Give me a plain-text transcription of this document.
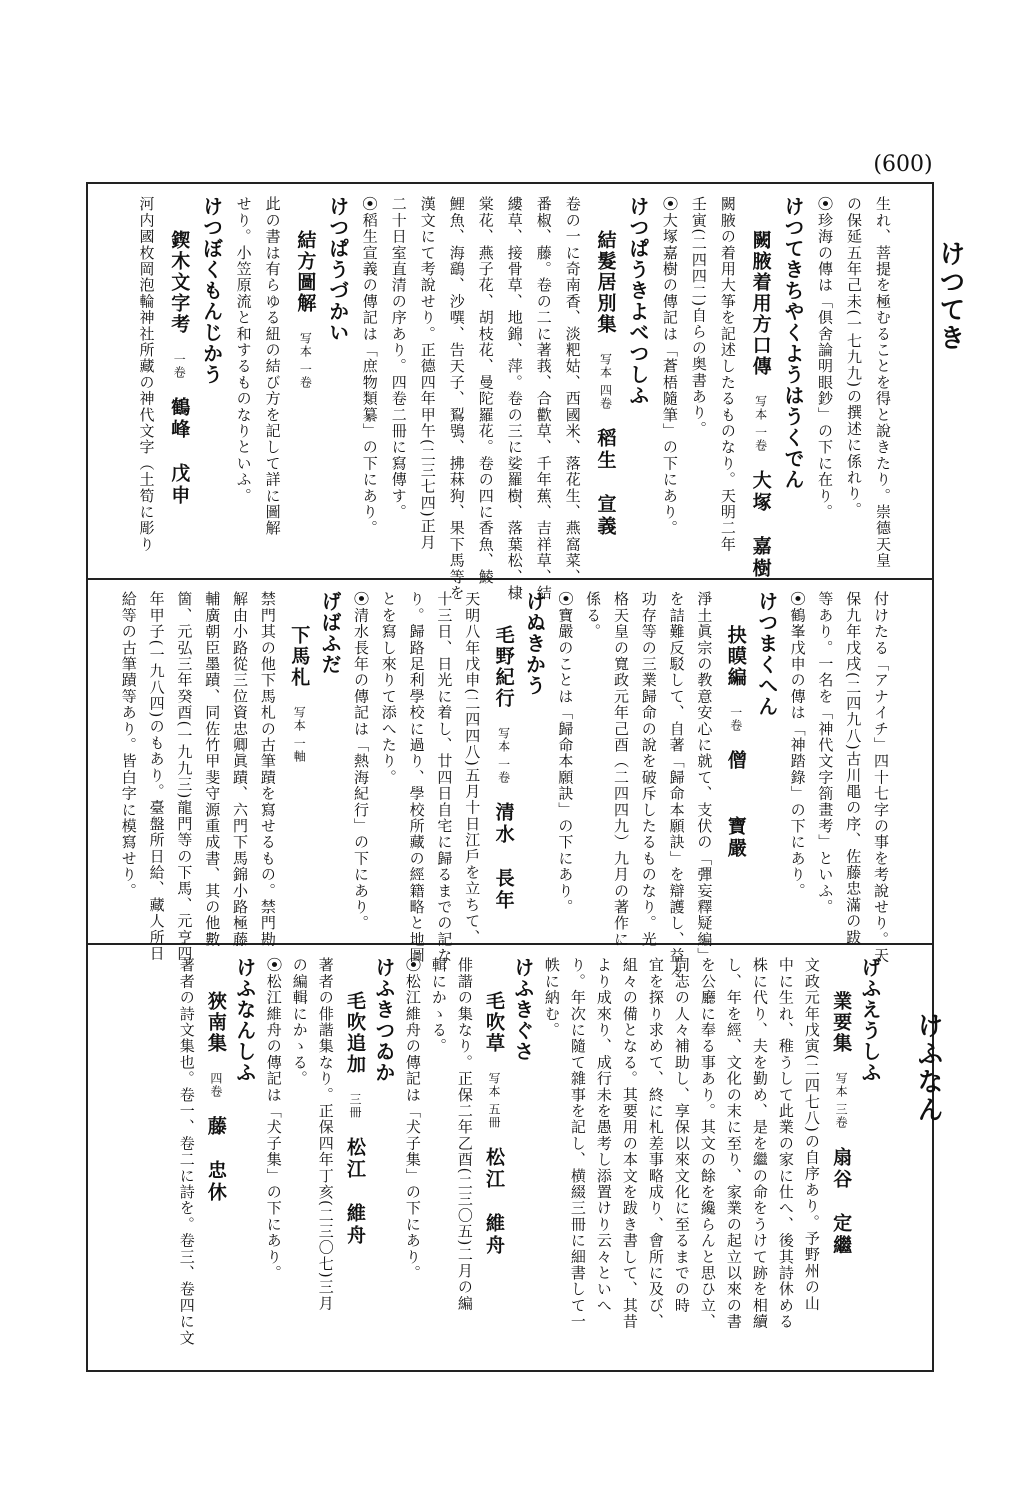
(600)
けつてき
けふなん
生れ、菩提を極むることを得と說きたり。崇德天皇
の保延五年己未(一七九九)の撰述に係れり。
⦿珍海の傳は「俱舍論明眼鈔」の下に在り。
けつてきちやくようはうくでん
闕腋着用方口傳写本 一卷大塚　嘉樹
闕腋の着用大筝を記述したるものなり。天明二年
壬寅(二四四二)自らの奥書あり。
⦿大塚嘉樹の傳記は「蒼梧隨筆」の下にあり。
けつぱうきよべつしふ
結髮居別集写本 四卷稻生　宣義
卷の一に奇南香、淡粑姑、西國米、落花生、燕窩菜、
番椒、藤。卷の二に著莪、合歡草、千年蕉、吉祥草、結
縷草、接骨草、地錦、萍。卷の三に娑羅樹、落葉松、棣
棠花、燕子花、胡枝花、曼陀羅花。卷の四に香魚、鯪
鯉魚、海鷂、沙噀、告天子、鴷鴞、拂菻狗、果下馬等を
漢文にて考說せり。正德四年甲午(二三七四)正月
二十日室直清の序あり。四卷二冊に寫傳す。
⦿稻生宣義の傳記は「庶物類纂」の下にあり。
けつぱうづかい
結方圖解写本 一卷
此の書は有らゆる紐の結び方を記して詳に圖解
せり。小笠原流と和するものなりといふ。
けつぼくもんじかう
鍥木文字考一卷鶴峰　戊申
河内國枚岡泡輪神社所藏の神代文字（土筍に彫り
付けたる「アナイチ」四十七字の事を考說せり。天
保九年戊戌(二四九八)古川黽の序、佐藤忠滿の跋
等あり。一名を「神代文字箚畫考」といふ。
⦿鶴峯戊申の傳は「神踏錄」の下にあり。
けつまくへん
抉瞙編一卷僧　　寶嚴
淨土眞宗の教意安心に就て、支伏の「彈妄釋疑編」
を詰難反駁して、自著「歸命本願訣」を辯護し、益々
功存等の三業歸命の說を破斥したるものなり。光
格天皇の寬政元年己酉（二四四九）九月の著作に
係る。
⦿寶嚴のことは「歸命本願訣」の下にあり。
けぬきかう
毛野紀行写本 一卷清水　長年
天明八年戊申(二四四八)五月十日江戶を立ちて、
十三日、日光に着し、廿四日自宅に歸るまでの記な
り。歸路足利學校に過り、學校所藏の經籍略と地圖
とを寫し來りて添へたり。
⦿清水長年の傳記は「熱海紀行」の下にあり。
げばふだ
下馬札写本 一軸
禁門其の他下馬札の古筆蹟を寫せるもの。禁門勘
解由小路從三位資忠卿眞蹟、六門下馬錦小路極藤
輔廣朝臣墨蹟、同佐竹甲斐守源重成書、其の他數
箇、元弘三年癸酉(一九九三)龍門等の下馬、元亨四
年甲子(一九八四)のもあり。臺盤所日給、藏人所日
給等の古筆蹟等あり。皆白字に模寫せり。
げふえうしふ
業要集写本 三卷扇谷　定繼
文政元年戊寅(二四七八)の自序あり。予野州の山
中に生れ、稚うして此業の家に仕へ、後其詩休める
株に代り、夫を勤め、是を繼の命をうけて跡を相續
し、年を經、文化の末に至り、家業の起立以來の書
を公廳に奉る事あり。其文の餘を纔らんと思ひ立、
同志の人々補助し、享保以來文化に至るまでの時
宜を探り求めて、終に札差事略成り、會所に及び、
組々の備となる。其要用の本文を跋き書して、其昔
より成來り、成行未を愚考し添置けり云々といへ
り。年次に隨て雜事を記し、横綴三冊に細書して一
帙に納む。
けふきぐさ
毛吹草写本 五冊松江　維舟
俳諧の集なり。正保二年乙酉(二三〇五)二月の編
輯にかゝる。
⦿松江維舟の傳記は「犬子集」の下にあり。
けふきつゐか
毛吹追加三冊松江　維舟
著者の俳諧集なり。正保四年丁亥(二三〇七)三月
の編輯にかゝる。
⦿松江維舟の傳記は「犬子集」の下にあり。
けふなんしふ
狹南集四卷藤　忠休
著者の詩文集也。卷一、卷二に詩を。卷三、卷四に文
